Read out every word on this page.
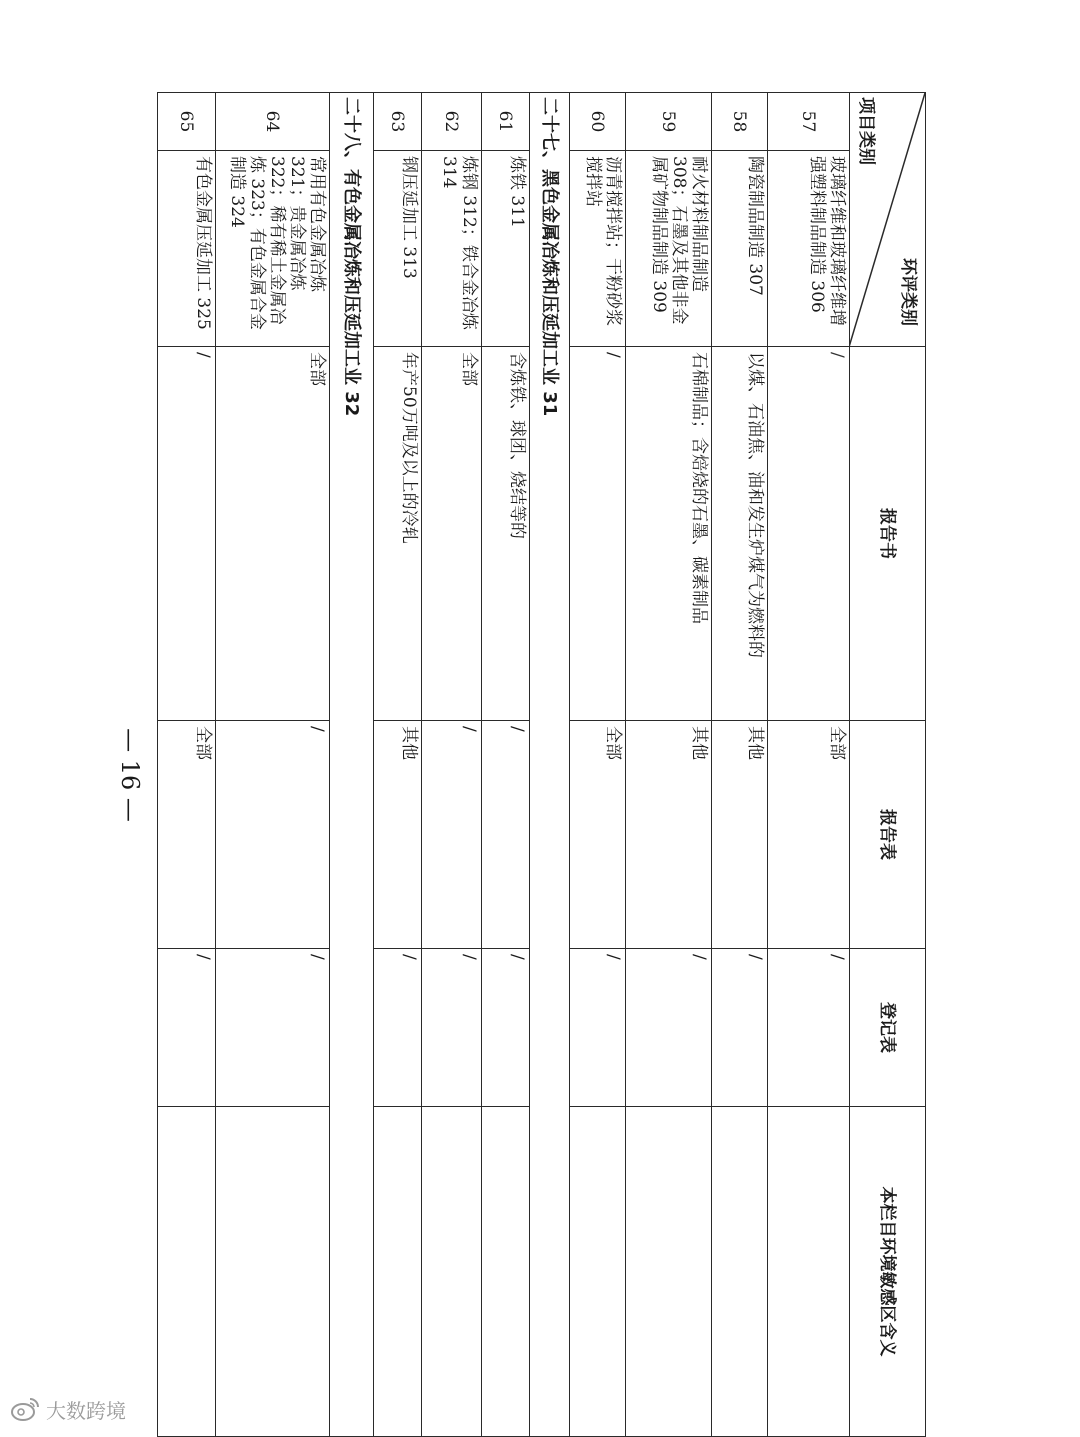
环评类别
项目类别		报告书	报告表	登记表	本栏目环境敏感区含义
57	玻璃纤维和玻璃纤维增强塑料制品制造 306	/	全部	/	
58	陶瓷制品制造 307	以煤、石油焦、油和发生炉煤气为燃料的	其他	/	
59	耐火材料制品制造 308；石墨及其他非金属矿物制品制造 309	石棉制品；含焙烧的石墨、碳素制品	其他	/	
60	沥青搅拌站；干粉砂浆搅拌站	/	全部	/	
二十七、黑色金属冶炼和压延加工业 31					
61	炼铁 311	含炼铁、球团、烧结等的	/	/	
62	炼钢 312；铁合金冶炼 314	全部	/	/	
63	钢压延加工 313	年产50万吨及以上的冷轧	其他	/	
二十八、有色金属冶炼和压延加工业 32					
64	常用有色金属冶炼 321；贵金属冶炼 322；稀有稀土金属冶炼 323；有色金属合金制造 324	全部	/	/	
65	有色金属压延加工 325	/	全部	/	
— 16 —
大数跨境
